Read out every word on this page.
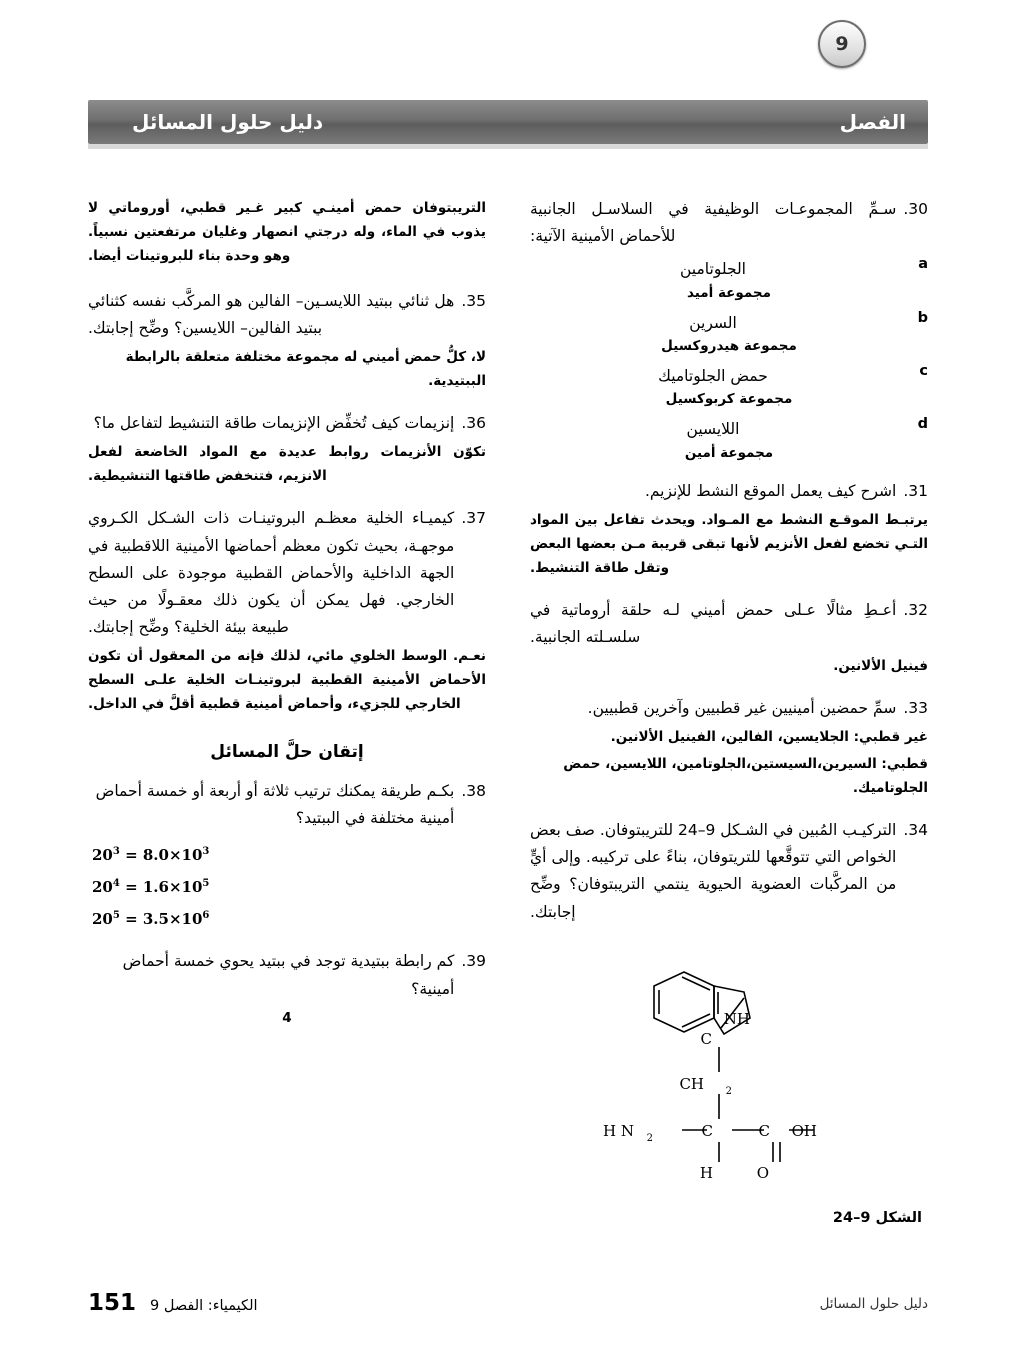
الفصل
دليل حلول المسائل
9
30.
سـمِّ المجموعـات الوظيفية في السلاسـل الجانبية للأحماض الأمينية الآتية:
a
الجلوتامين
مجموعة أميد
b
السرين
مجموعة هيدروكسيل
c
حمض الجلوتاميك
مجموعة كربوكسيل
d
اللايسين
مجموعة أمين
31.
اشرح كيف يعمل الموقع النشط للإنزيم.
يرتبـط الموقـع النشط مع المـواد. ويحدث تفاعل بين المواد التـي تخضع لفعل الأنزيم لأنها تبقى قريبة مـن بعضها البعض وتقل طاقة التنشيط.
32.
أعـطِ مثالًا عـلى حمض أميني لـه حلقة أروماتية في سلسـلته الجانبية.
فينيل الألانين.
33.
سمِّ حمضين أمينيين غير قطبيين وآخرين قطبيين.
غير قطبي: الجلايسين، الفالين، الفينيل الألانين.
قطبي: السيرين،السيستين،الجلوتامين، اللايسين، حمض الجلوتاميك.
34.
التركيـب المُبين في الشـكل 9–24 للتريبتوفان. صف بعض الخواص التي تتوقَّعها للتريتوفان، بناءً على تركيبه. وإلى أيٍّ من المركَّبات العضوية الحيوية ينتمي التريبتوفان؟ وضِّح إجابتك.
NH
C
CH 2
H N 2	C	C OH
H	O
الشكل 9–24
التريبتوفان حمض أمينـي كبير غـير قطبي، أوروماتي لا يذوب في الماء، وله درجتي انصهار وغليان مرتفعتين نسبياً. وهو وحدة بناء للبروتينات أيضا.
35.
هل ثنائي ببتيد اللايسـين– الفالين هو المركَّب نفسه كثنائي ببتيد الفالين– اللايسين؟ وضِّح إجابتك.
لا، كلُّ حمض أميني له مجموعة مختلفة متعلقة بالرابطة الببتيدية.
36.
إنزيمات كيف تُخفِّض الإنزيمات طاقة التنشيط لتفاعل ما؟
تكوّن الأنزيمات روابط عديدة مع المواد الخاضعة لفعل الانزيم، فتنخفض طاقتها التنشيطية.
37.
كيميـاء الخلية معظـم البروتينـات ذات الشـكل الكـروي موجهـة، بحيث تكون معظم أحماضها الأمينية اللاقطبية في الجهة الداخلية والأحماض القطبية موجودة على السطح الخارجي. فهل يمكن أن يكون ذلك معقـولًا من حيث طبيعة بيئة الخلية؟ وضِّح إجابتك.
نعـم. الوسط الخلوي مائي، لذلك فإنه من المعقول أن تكون الأحماض الأمينية القطبية لبروتينـات الخلية علـى السطح الخارجي للجزيء، وأحماض أمينية قطبية أقلَّ في الداخل.
إتقان حلَّ المسائل
38.
بكـم طريقة يمكنك ترتيب ثلاثة أو أربعة أو خمسة أحماض أمينية مختلفة في الببتيد؟
$20^3 = 8.0\times 10^3$
$20^4 = 1.6\times 10^5$
$20^5 = 3.5\times 10^6$
39.
كم رابطة ببتيدية توجد في ببتيد يحوي خمسة أحماض أمينية؟
4
151 الكيمياء: الفصل 9	دليل حلول المسائل
